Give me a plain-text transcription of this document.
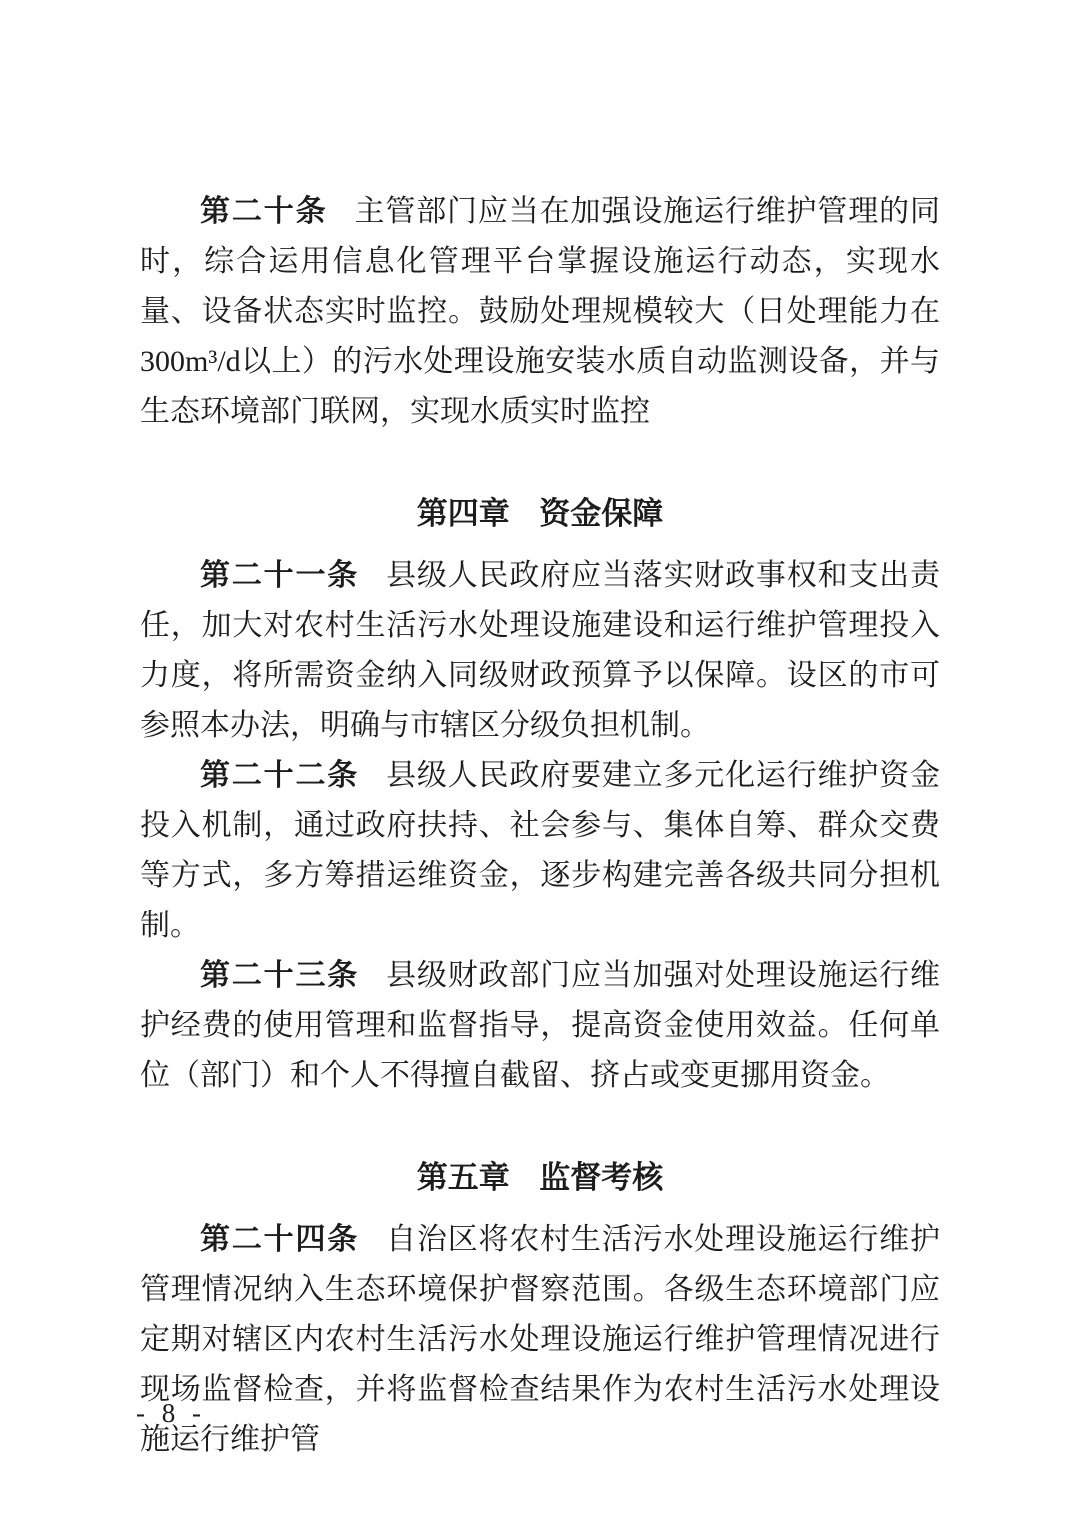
第二十条 主管部门应当在加强设施运行维护管理的同时，综合运用信息化管理平台掌握设施运行动态，实现水量、设备状态实时监控。鼓励处理规模较大（日处理能力在300m³/d以上）的污水处理设施安装水质自动监测设备，并与生态环境部门联网，实现水质实时监控

第四章 资金保障

第二十一条 县级人民政府应当落实财政事权和支出责任，加大对农村生活污水处理设施建设和运行维护管理投入力度，将所需资金纳入同级财政预算予以保障。设区的市可参照本办法，明确与市辖区分级负担机制。

第二十二条 县级人民政府要建立多元化运行维护资金投入机制，通过政府扶持、社会参与、集体自筹、群众交费等方式，多方筹措运维资金，逐步构建完善各级共同分担机制。

第二十三条 县级财政部门应当加强对处理设施运行维护经费的使用管理和监督指导，提高资金使用效益。任何单位（部门）和个人不得擅自截留、挤占或变更挪用资金。

第五章 监督考核

第二十四条 自治区将农村生活污水处理设施运行维护管理情况纳入生态环境保护督察范围。各级生态环境部门应定期对辖区内农村生活污水处理设施运行维护管理情况进行现场监督检查，并将监督检查结果作为农村生活污水处理设施运行维护管

- 8 -
